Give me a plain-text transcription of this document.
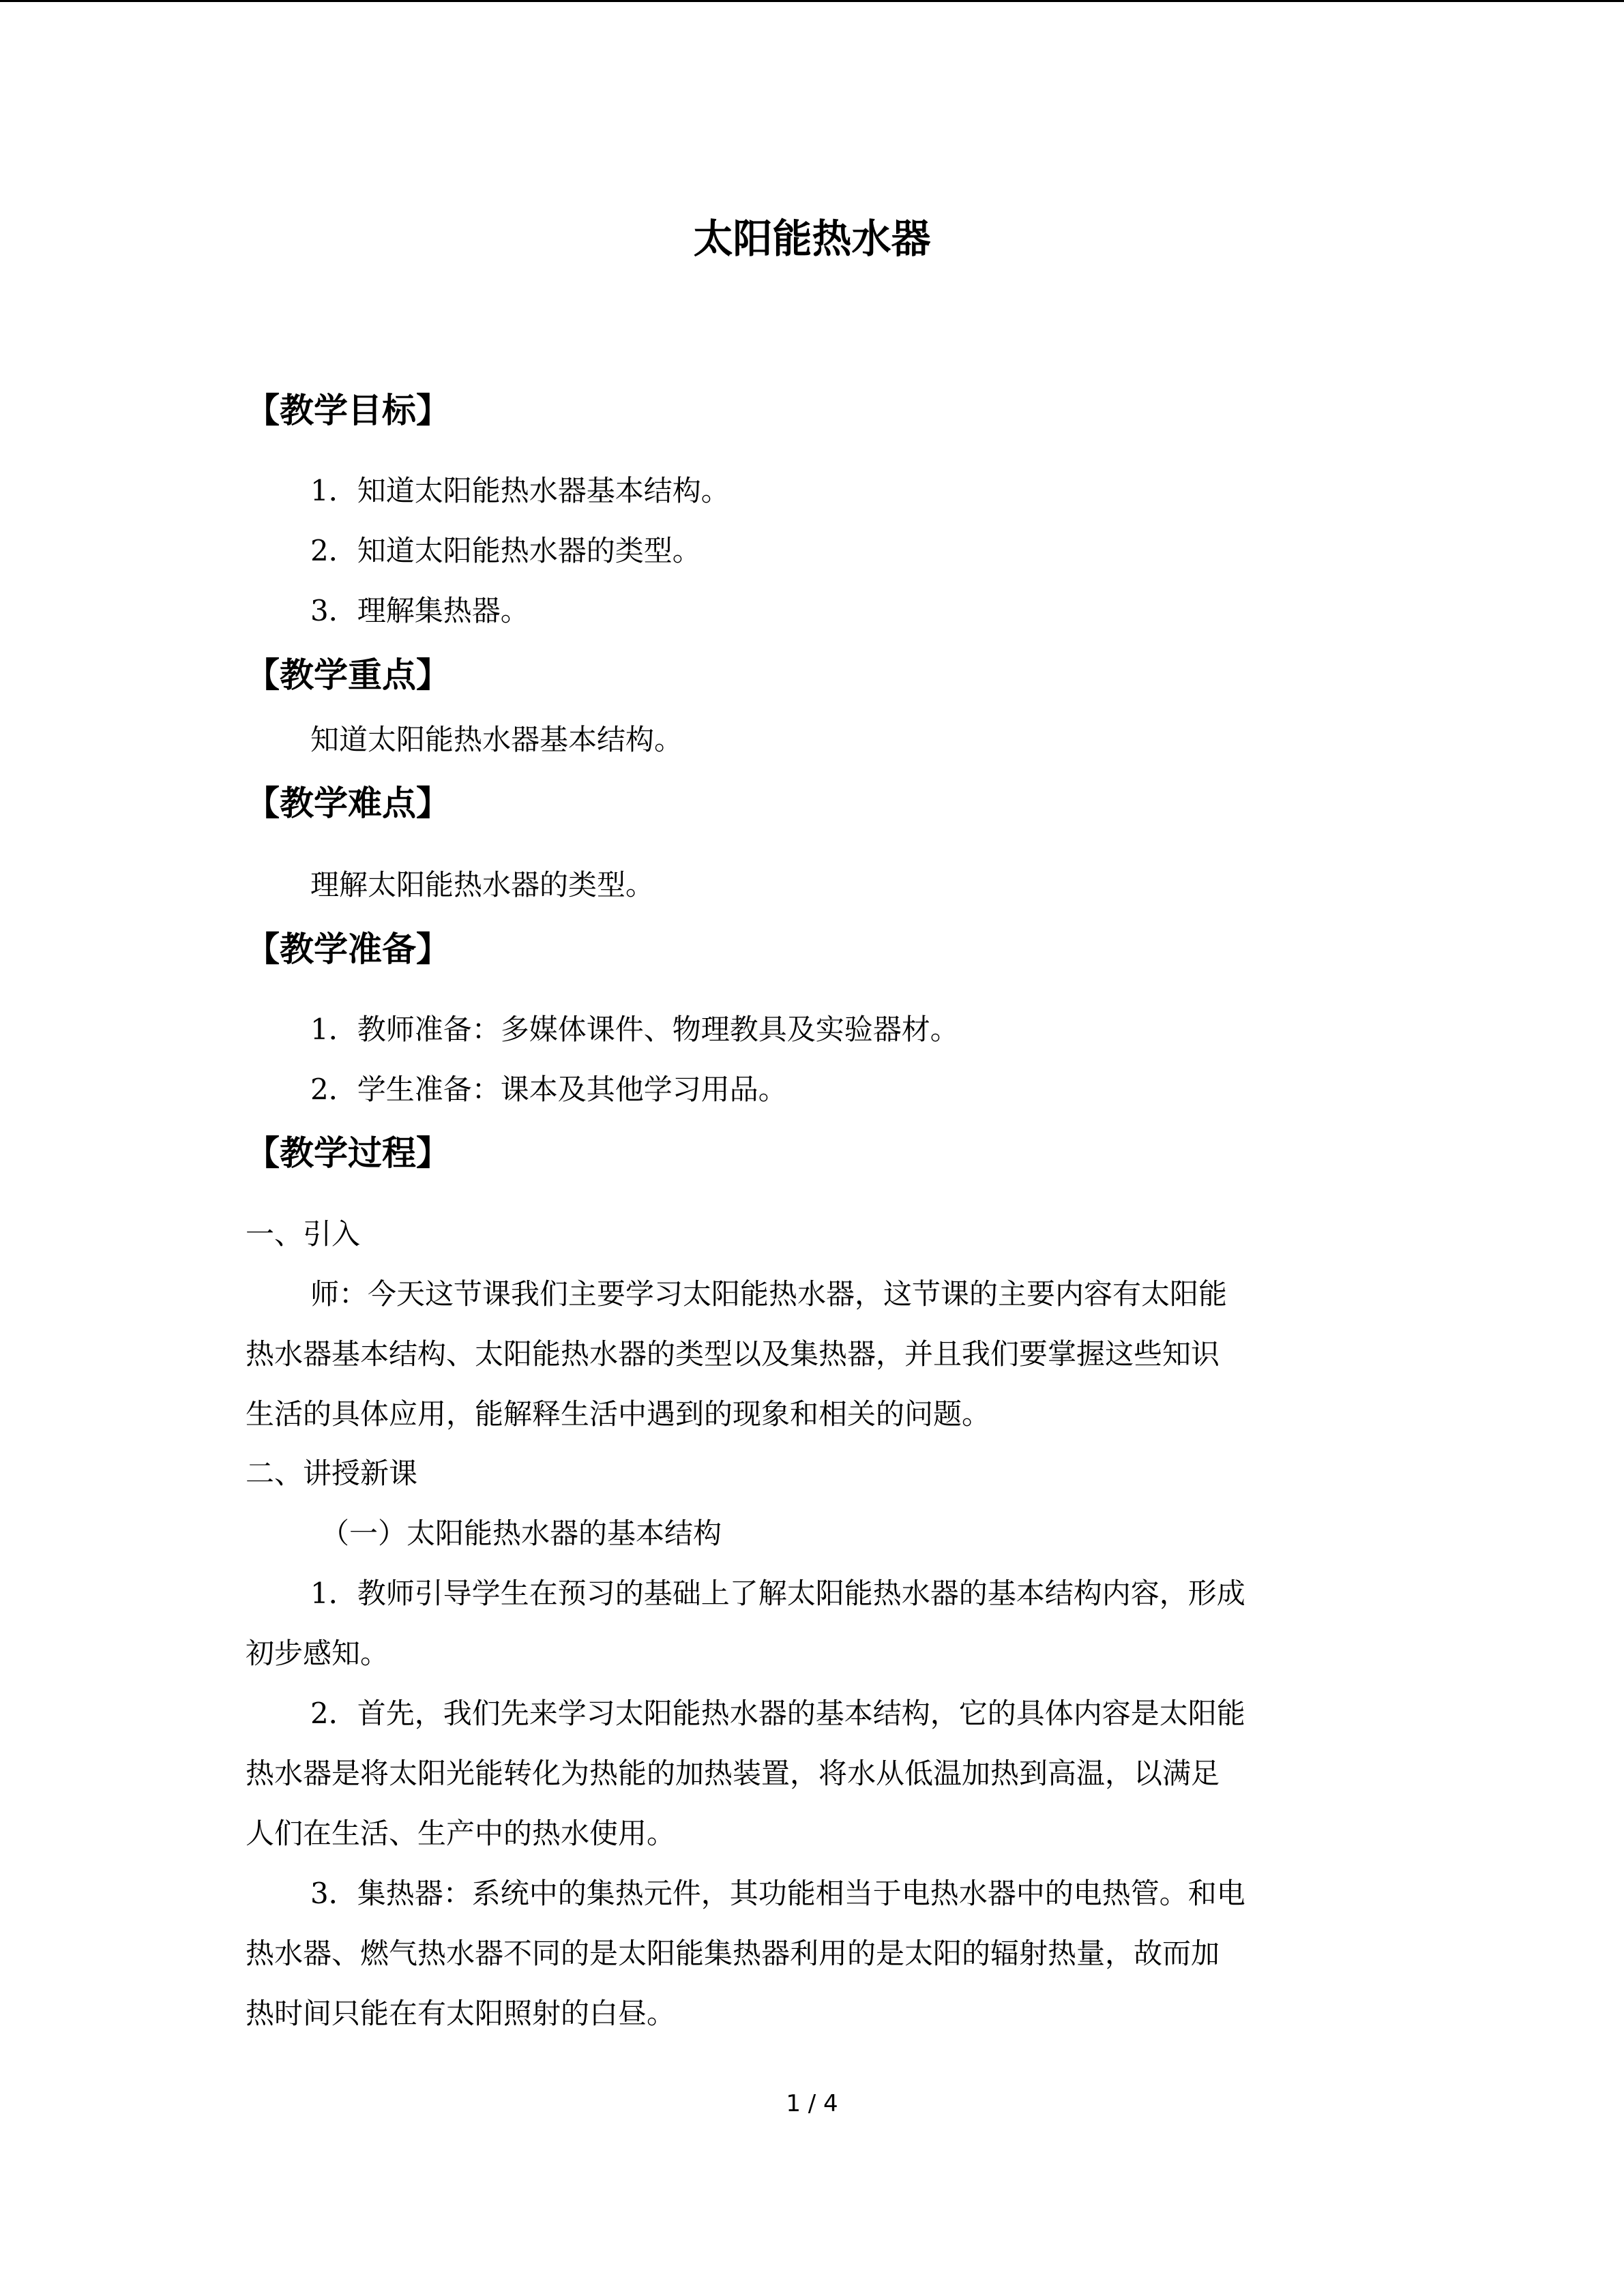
太阳能热水器
【教学目标】
1．知道太阳能热水器基本结构。
2．知道太阳能热水器的类型。
3．理解集热器。
【教学重点】
知道太阳能热水器基本结构。
【教学难点】
理解太阳能热水器的类型。
【教学准备】
1．教师准备：多媒体课件、物理教具及实验器材。
2．学生准备：课本及其他学习用品。
【教学过程】
一、引入
师：今天这节课我们主要学习太阳能热水器，这节课的主要内容有太阳能
热水器基本结构、太阳能热水器的类型以及集热器，并且我们要掌握这些知识
生活的具体应用，能解释生活中遇到的现象和相关的问题。
二、讲授新课
（一）太阳能热水器的基本结构
1．教师引导学生在预习的基础上了解太阳能热水器的基本结构内容，形成
初步感知。
2．首先，我们先来学习太阳能热水器的基本结构，它的具体内容是太阳能
热水器是将太阳光能转化为热能的加热装置，将水从低温加热到高温，以满足
人们在生活、生产中的热水使用。
3．集热器：系统中的集热元件，其功能相当于电热水器中的电热管。和电
热水器、燃气热水器不同的是太阳能集热器利用的是太阳的辐射热量，故而加
热时间只能在有太阳照射的白昼。
1 / 4
